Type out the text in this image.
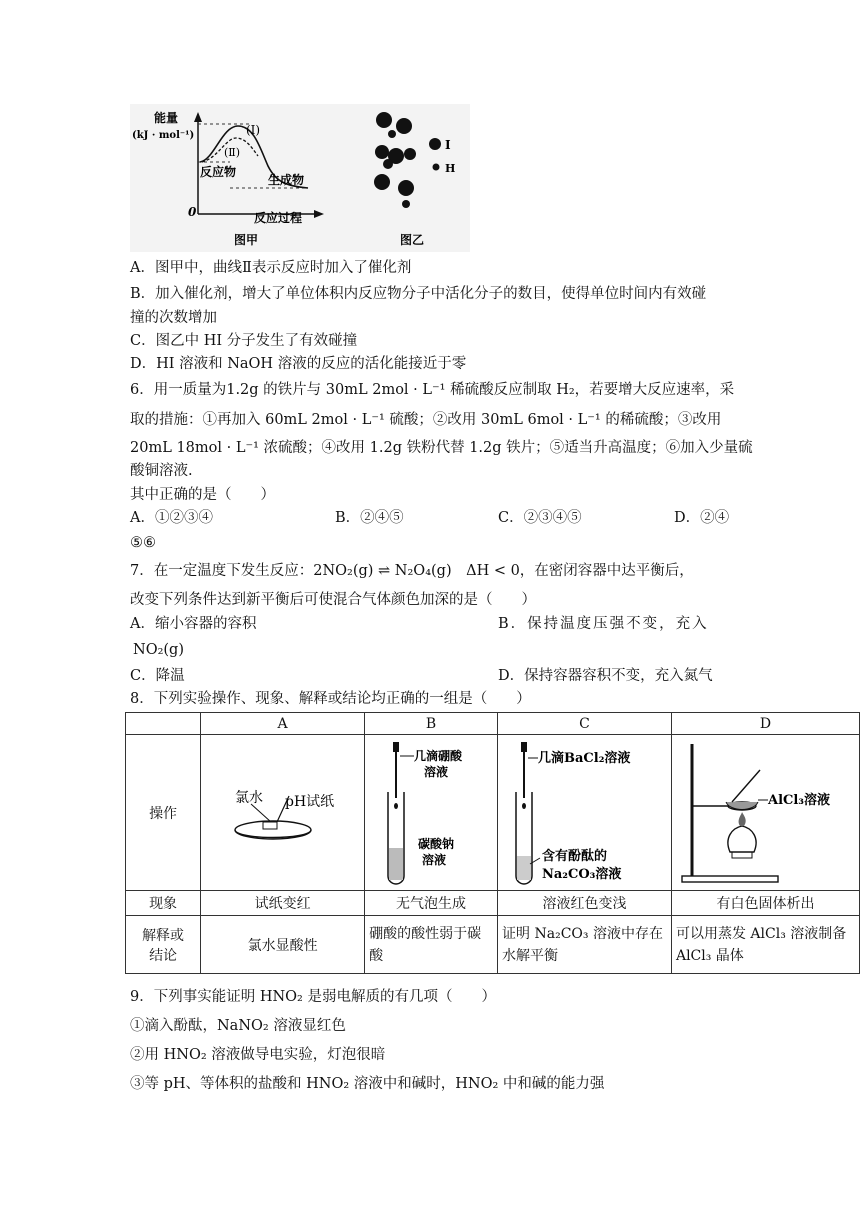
能量
(kJ · mol⁻¹)	(Ⅰ)
(Ⅱ)
反应物
生成物
0	反应过程
图甲	图乙
I
H
A．图甲中，曲线Ⅱ表示反应时加入了催化剂
B．加入催化剂，增大了单位体积内反应物分子中活化分子的数目，使得单位时间内有效碰
撞的次数增加
C．图乙中 HI 分子发生了有效碰撞
D．HI 溶液和 NaOH 溶液的反应的活化能接近于零
6．用一质量为1.2g 的铁片与 30mL 2mol · L⁻¹ 稀硫酸反应制取 H₂，若要增大反应速率，采
取的措施：①再加入 60mL 2mol · L⁻¹ 硫酸；②改用 30mL 6mol · L⁻¹ 的稀硫酸；③改用
20mL 18mol · L⁻¹ 浓硫酸；④改用 1.2g 铁粉代替 1.2g 铁片；⑤适当升高温度；⑥加入少量硫
酸铜溶液.
其中正确的是（　　）
A．①②③④	B．②④⑤	C．②③④⑤	D．②④
⑤⑥
7．在一定温度下发生反应：2NO₂(g) ⇌ N₂O₄(g)　ΔH < 0，在密闭容器中达平衡后，
改变下列条件达到新平衡后可使混合气体颜色加深的是（　　）
A．缩小容器的容积	B．保持温度压强不变，充入
NO₂(g)
C．降温	D．保持容器容积不变，充入氮气
8．下列实验操作、现象、解释或结论均正确的一组是（　　）
	A	B	C	D
操作	氯水 pH试纸	几滴硼酸
溶液
碳酸钠
溶液	几滴BaCl₂溶液
含有酚酞的
Na₂CO₃溶液	AlCl₃溶液

现象	试纸变红	无气泡生成	溶液红色变浅	有白色固体析出

解释或
结论	氯水显酸性	硼酸的酸性弱于碳酸	证明 Na₂CO₃ 溶液中存在水解平衡	可以用蒸发 AlCl₃ 溶液制备 AlCl₃ 晶体
9．下列事实能证明 HNO₂ 是弱电解质的有几项（　　）
①滴入酚酞，NaNO₂ 溶液显红色
②用 HNO₂ 溶液做导电实验，灯泡很暗
③等 pH、等体积的盐酸和 HNO₂ 溶液中和碱时，HNO₂ 中和碱的能力强
